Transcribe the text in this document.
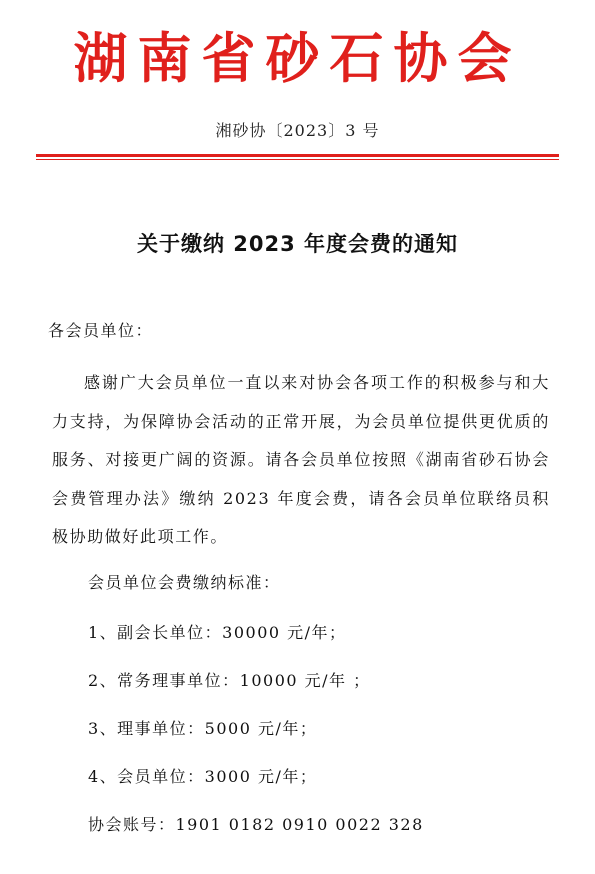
湖南省砂石协会
湘砂协〔2023〕3 号
关于缴纳 2023 年度会费的通知
各会员单位：
感谢广大会员单位一直以来对协会各项工作的积极参与和大力支持，为保障协会活动的正常开展，为会员单位提供更优质的服务、对接更广阔的资源。请各会员单位按照《湖南省砂石协会会费管理办法》缴纳 2023 年度会费，请各会员单位联络员积极协助做好此项工作。
会员单位会费缴纳标准：
1、副会长单位：30000 元/年；
2、常务理事单位：10000 元/年 ；
3、理事单位：5000 元/年；
4、会员单位：3000 元/年；
协会账号：1901 0182 0910 0022 328
